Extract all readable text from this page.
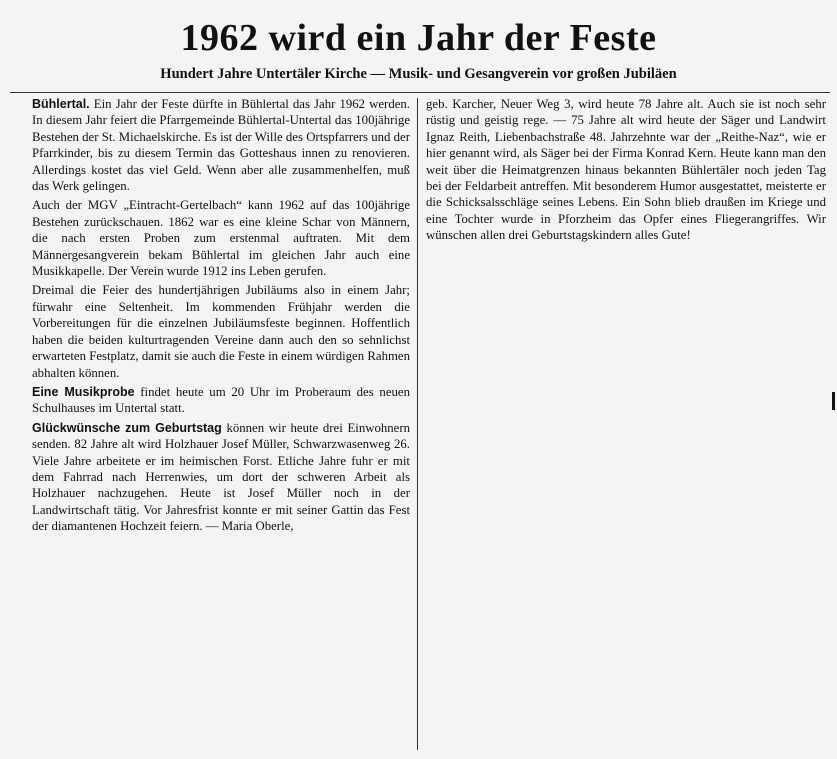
1962 wird ein Jahr der Feste
Hundert Jahre Untertäler Kirche — Musik- und Gesangverein vor großen Jubiläen

Bühlertal. Ein Jahr der Feste dürfte in Bühlertal das Jahr 1962 werden. In diesem Jahr feiert die Pfarrgemeinde Bühlertal-Untertal das 100jährige Bestehen der St. Michaelskirche. Es ist der Wille des Ortspfarrers und der Pfarrkinder, bis zu diesem Termin das Gotteshaus innen zu renovieren. Allerdings kostet das viel Geld. Wenn aber alle zusammenhelfen, muß das Werk gelingen.

Auch der MGV „Eintracht-Gertelbach“ kann 1962 auf das 100jährige Bestehen zurückschauen. 1862 war es eine kleine Schar von Männern, die nach ersten Proben zum erstenmal auftraten. Mit dem Männergesangverein bekam Bühlertal im gleichen Jahr auch eine Musikkapelle. Der Verein wurde 1912 ins Leben gerufen.

Dreimal die Feier des hundertjährigen Jubiläums also in einem Jahr; fürwahr eine Seltenheit. Im kommenden Frühjahr werden die Vorbereitungen für die einzelnen Jubiläumsfeste beginnen. Hoffentlich haben die beiden kulturtragenden Vereine dann auch den so sehnlichst erwarteten Festplatz, damit sie auch die Feste in einem würdigen Rahmen abhalten können.

Eine Musikprobe findet heute um 20 Uhr im Proberaum des neuen Schulhauses im Untertal statt.

Glückwünsche zum Geburtstag können wir heute drei Einwohnern senden. 82 Jahre alt wird Holzhauer Josef Müller, Schwarzwasenweg 26. Viele Jahre arbeitete er im heimischen Forst. Etliche Jahre fuhr er mit dem Fahrrad nach Herrenwies, um dort der schweren Arbeit als Holzhauer nachzugehen. Heute ist Josef Müller noch in der Landwirtschaft tätig. Vor Jahresfrist konnte er mit seiner Gattin das Fest der diamantenen Hochzeit feiern. — Maria Oberle,

geb. Karcher, Neuer Weg 3, wird heute 78 Jahre alt. Auch sie ist noch sehr rüstig und geistig rege. — 75 Jahre alt wird heute der Säger und Landwirt Ignaz Reith, Liebenbachstraße 48. Jahrzehnte war der „Reithe-Naz“, wie er hier genannt wird, als Säger bei der Firma Konrad Kern. Heute kann man den weit über die Heimatgrenzen hinaus bekannten Bühlertäler noch jeden Tag bei der Feldarbeit antreffen. Mit besonderem Humor ausgestattet, meisterte er die Schicksalsschläge seines Lebens. Ein Sohn blieb draußen im Kriege und eine Tochter wurde in Pforzheim das Opfer eines Fliegerangriffes. Wir wünschen allen drei Geburtstagskindern alles Gute!
